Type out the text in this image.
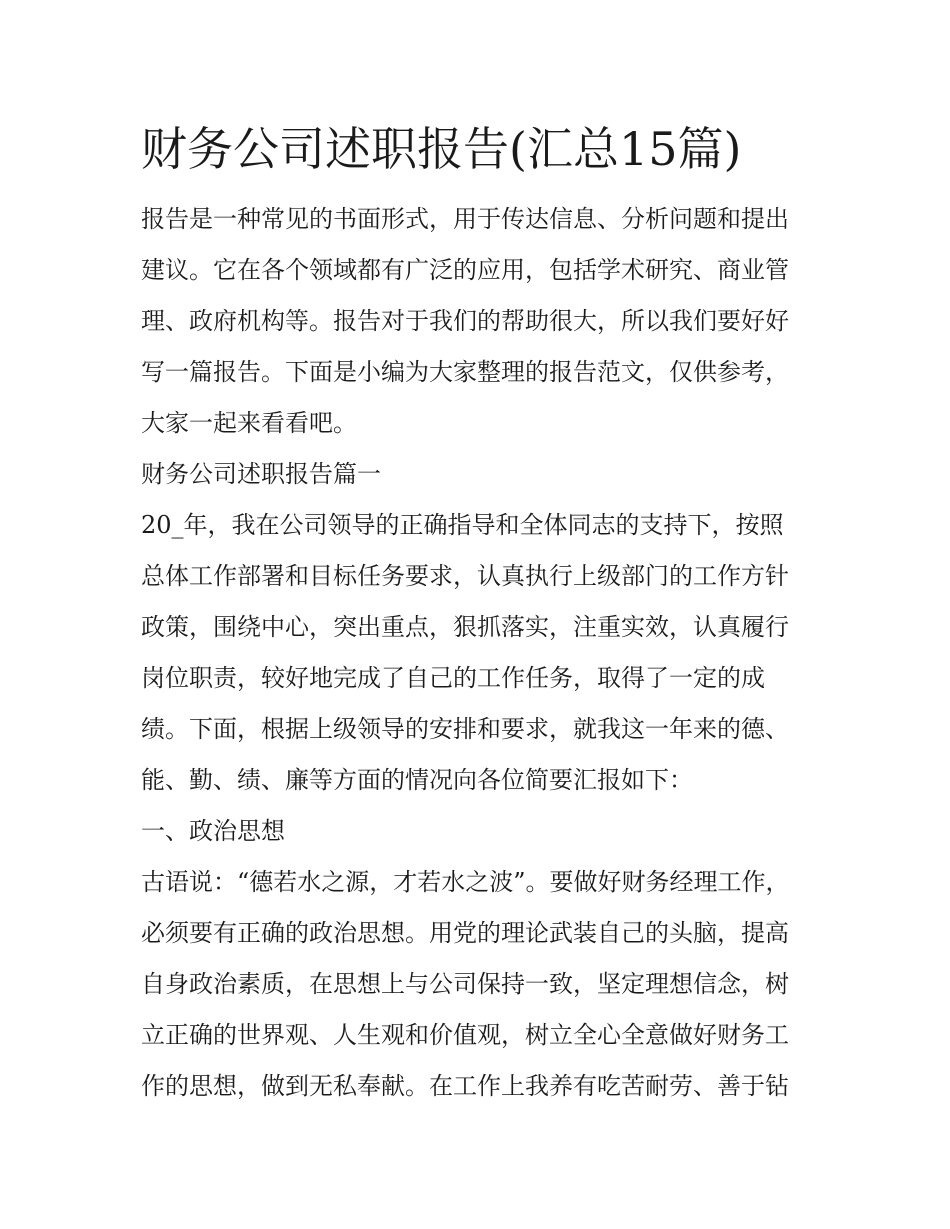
财务公司述职报告(汇总15篇)

报告是一种常见的书面形式，用于传达信息、分析问题和提出

建议。它在各个领域都有广泛的应用，包括学术研究、商业管

理、政府机构等。报告对于我们的帮助很大，所以我们要好好

写一篇报告。下面是小编为大家整理的报告范文，仅供参考，

大家一起来看看吧。

财务公司述职报告篇一

20_年，我在公司领导的正确指导和全体同志的支持下，按照

总体工作部署和目标任务要求，认真执行上级部门的工作方针

政策，围绕中心，突出重点，狠抓落实，注重实效，认真履行

岗位职责，较好地完成了自己的工作任务，取得了一定的成

绩。下面，根据上级领导的安排和要求，就我这一年来的德、

能、勤、绩、廉等方面的情况向各位简要汇报如下：

一、政治思想

古语说：“德若水之源，才若水之波”。要做好财务经理工作，

必须要有正确的政治思想。用党的理论武装自己的头脑，提高

自身政治素质，在思想上与公司保持一致，坚定理想信念，树

立正确的世界观、人生观和价值观，树立全心全意做好财务工

作的思想，做到无私奉献。在工作上我养有吃苦耐劳、善于钻
